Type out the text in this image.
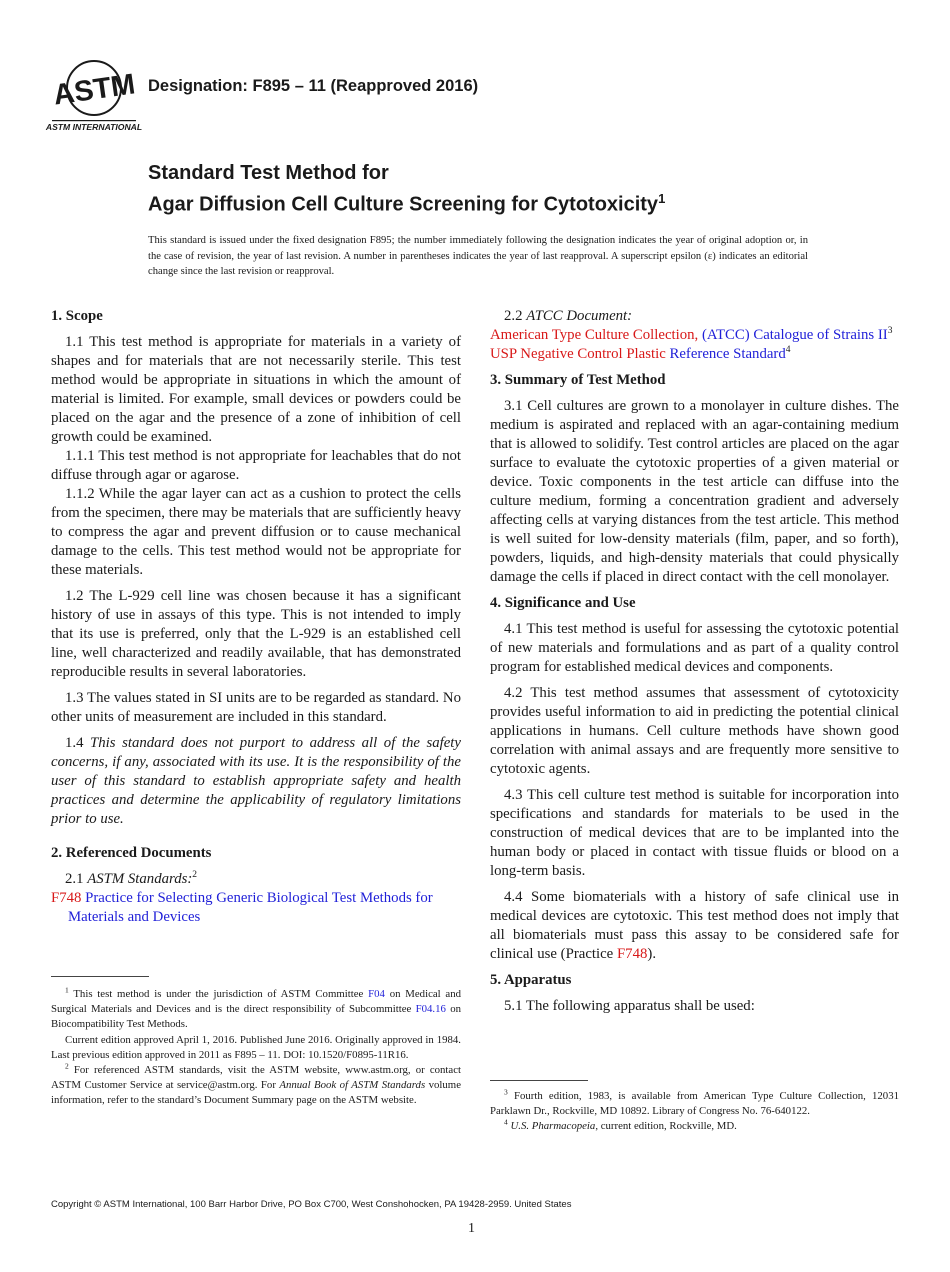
ASTM
ASTM INTERNATIONAL
Designation: F895 – 11 (Reapproved 2016)
Standard Test Method for
Agar Diffusion Cell Culture Screening for Cytotoxicity$^1$
This standard is issued under the fixed designation F895; the number immediately following the designation indicates the year of original adoption or, in the case of revision, the year of last revision. A number in parentheses indicates the year of last reapproval. A superscript epsilon (ε) indicates an editorial change since the last revision or reapproval.
1. Scope

1.1 This test method is appropriate for materials in a variety of shapes and for materials that are not necessarily sterile. This test method would be appropriate in situations in which the amount of material is limited. For example, small devices or powders could be placed on the agar and the presence of a zone of inhibition of cell growth could be examined.

1.1.1 This test method is not appropriate for leachables that do not diffuse through agar or agarose.

1.1.2 While the agar layer can act as a cushion to protect the cells from the specimen, there may be materials that are sufficiently heavy to compress the agar and prevent diffusion or to cause mechanical damage to the cells. This test method would not be appropriate for these materials.

1.2 The L-929 cell line was chosen because it has a significant history of use in assays of this type. This is not intended to imply that its use is preferred, only that the L-929 is an established cell line, well characterized and readily available, that has demonstrated reproducible results in several laboratories.

1.3 The values stated in SI units are to be regarded as standard. No other units of measurement are included in this standard.

1.4 This standard does not purport to address all of the safety concerns, if any, associated with its use. It is the responsibility of the user of this standard to establish appropriate safety and health practices and determine the applicability of regulatory limitations prior to use.

2. Referenced Documents

2.1 ASTM Standards:$^2$

F748 Practice for Selecting Generic Biological Test Methods for Materials and Devices

$^1$ This test method is under the jurisdiction of ASTM Committee F04 on Medical and Surgical Materials and Devices and is the direct responsibility of Subcommittee F04.16 on Biocompatibility Test Methods.

Current edition approved April 1, 2016. Published June 2016. Originally approved in 1984. Last previous edition approved in 2011 as F895 – 11. DOI: 10.1520/F0895-11R16.

$^2$ For referenced ASTM standards, visit the ASTM website, www.astm.org, or contact ASTM Customer Service at service@astm.org. For Annual Book of ASTM Standards volume information, refer to the standard’s Document Summary page on the ASTM website.

2.2 ATCC Document:

American Type Culture Collection, (ATCC) Catalogue of Strains $II^3$

USP Negative Control Plastic Reference Standard$^4$

3. Summary of Test Method

3.1 Cell cultures are grown to a monolayer in culture dishes. The medium is aspirated and replaced with an agar-containing medium that is allowed to solidify. Test control articles are placed on the agar surface to evaluate the cytotoxic properties of a given material or device. Toxic components in the test article can diffuse into the culture medium, forming a concentration gradient and adversely affecting cells at varying distances from the test article. This method is well suited for low-density materials (film, paper, and so forth), powders, liquids, and high-density materials that could physically damage the cells if placed in direct contact with the cell monolayer.

4. Significance and Use

4.1 This test method is useful for assessing the cytotoxic potential of new materials and formulations and as part of a quality control program for established medical devices and components.

4.2 This test method assumes that assessment of cytotoxicity provides useful information to aid in predicting the potential clinical applications in humans. Cell culture methods have shown good correlation with animal assays and are frequently more sensitive to cytotoxic agents.

4.3 This cell culture test method is suitable for incorporation into specifications and standards for materials to be used in the construction of medical devices that are to be implanted into the human body or placed in contact with tissue fluids or blood on a long-term basis.

4.4 Some biomaterials with a history of safe clinical use in medical devices are cytotoxic. This test method does not imply that all biomaterials must pass this assay to be considered safe for clinical use (Practice F748).

5. Apparatus

5.1 The following apparatus shall be used:

$^3$ Fourth edition, 1983, is available from American Type Culture Collection, 12031 Parklawn Dr., Rockville, MD 10892. Library of Congress No. 76-640122.

$^4$ U.S. Pharmacopeia, current edition, Rockville, MD.

Copyright © ASTM International, 100 Barr Harbor Drive, PO Box C700, West Conshohocken, PA 19428-2959. United States
1
